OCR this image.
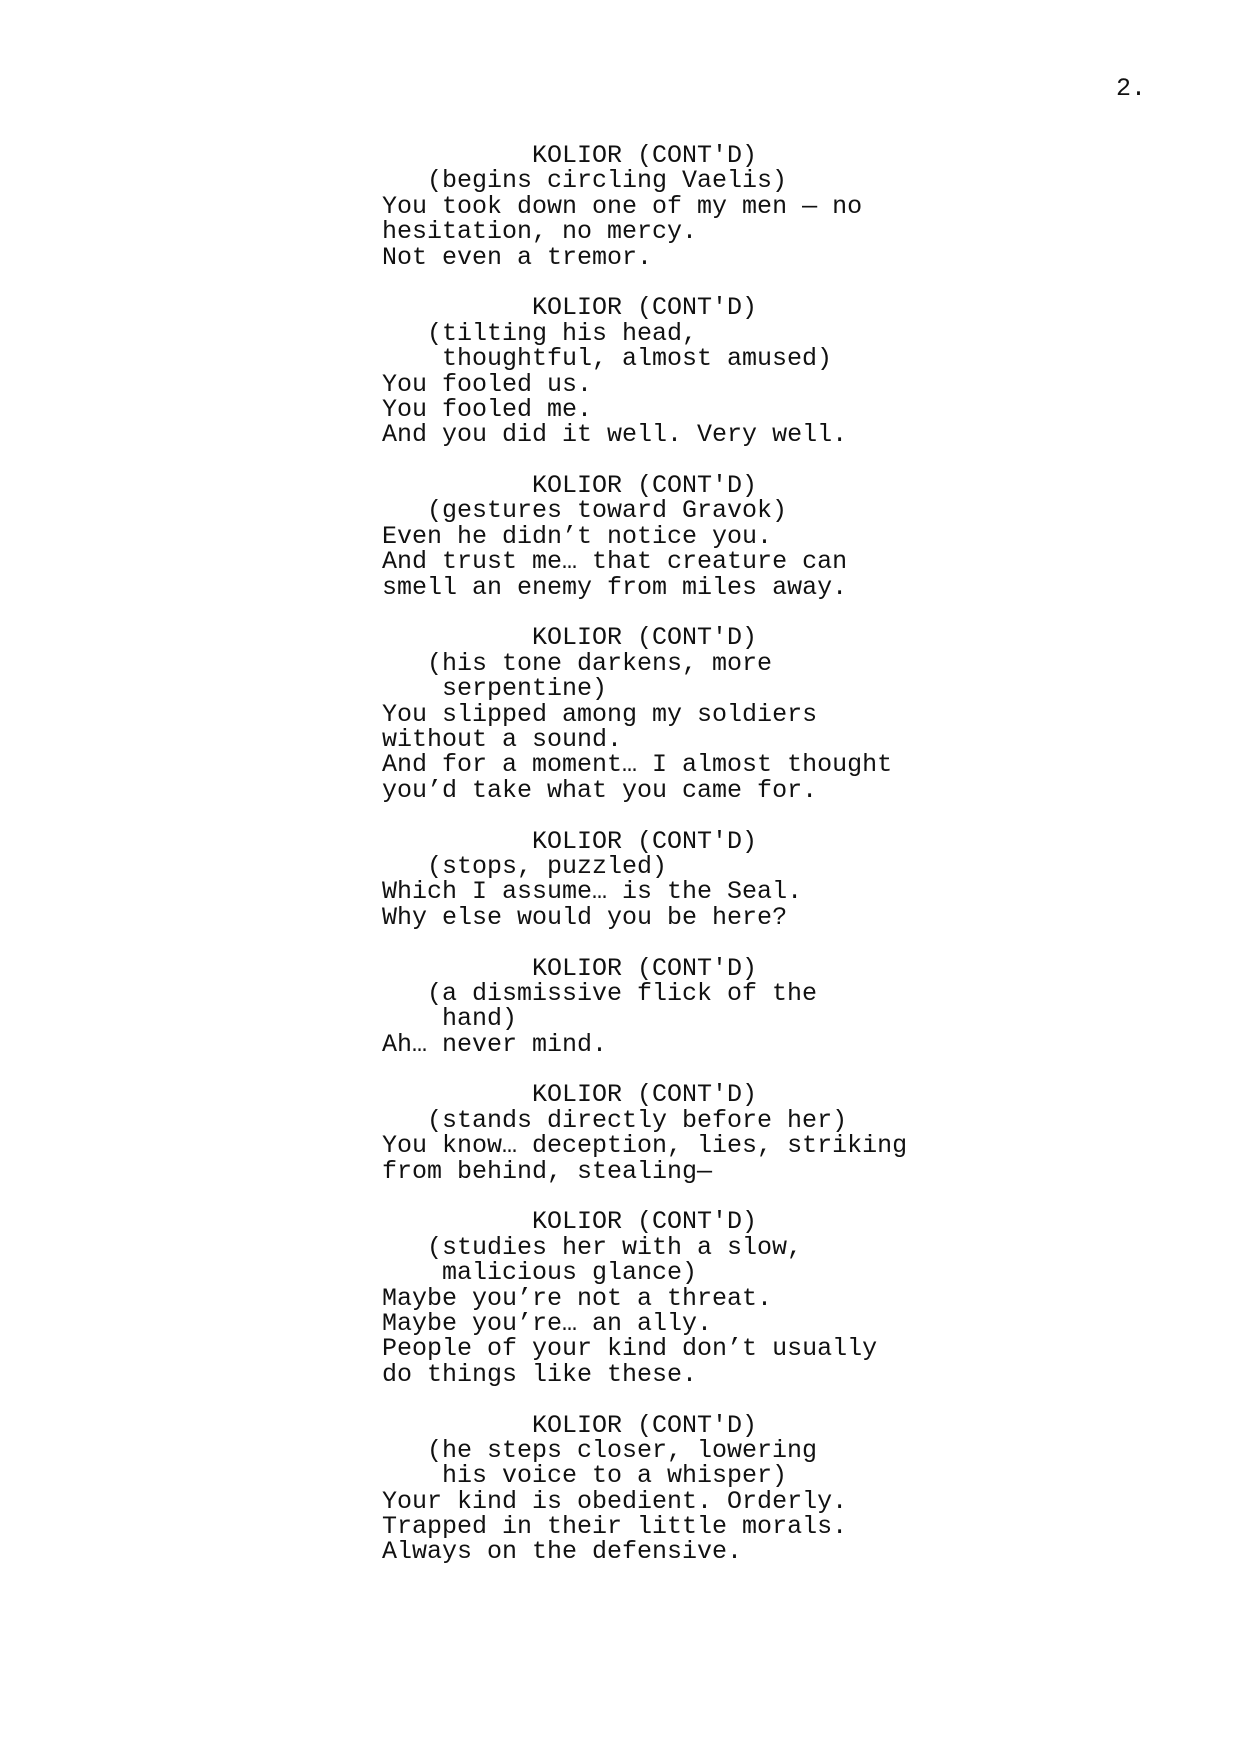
2.
KOLIOR (CONT'D)
(begins circling Vaelis)
You took down one of my men — no
hesitation, no mercy.
Not even a tremor.
KOLIOR (CONT'D)
(tilting his head,
thoughtful, almost amused)
You fooled us.
You fooled me.
And you did it well. Very well.
KOLIOR (CONT'D)
(gestures toward Gravok)
Even he didn’t notice you.
And trust me… that creature can
smell an enemy from miles away.
KOLIOR (CONT'D)
(his tone darkens, more
serpentine)
You slipped among my soldiers
without a sound.
And for a moment… I almost thought
you’d take what you came for.
KOLIOR (CONT'D)
(stops, puzzled)
Which I assume… is the Seal.
Why else would you be here?
KOLIOR (CONT'D)
(a dismissive flick of the
hand)
Ah… never mind.
KOLIOR (CONT'D)
(stands directly before her)
You know… deception, lies, striking
from behind, stealing—
KOLIOR (CONT'D)
(studies her with a slow,
malicious glance)
Maybe you’re not a threat.
Maybe you’re… an ally.
People of your kind don’t usually
do things like these.
KOLIOR (CONT'D)
(he steps closer, lowering
his voice to a whisper)
Your kind is obedient. Orderly.
Trapped in their little morals.
Always on the defensive.
